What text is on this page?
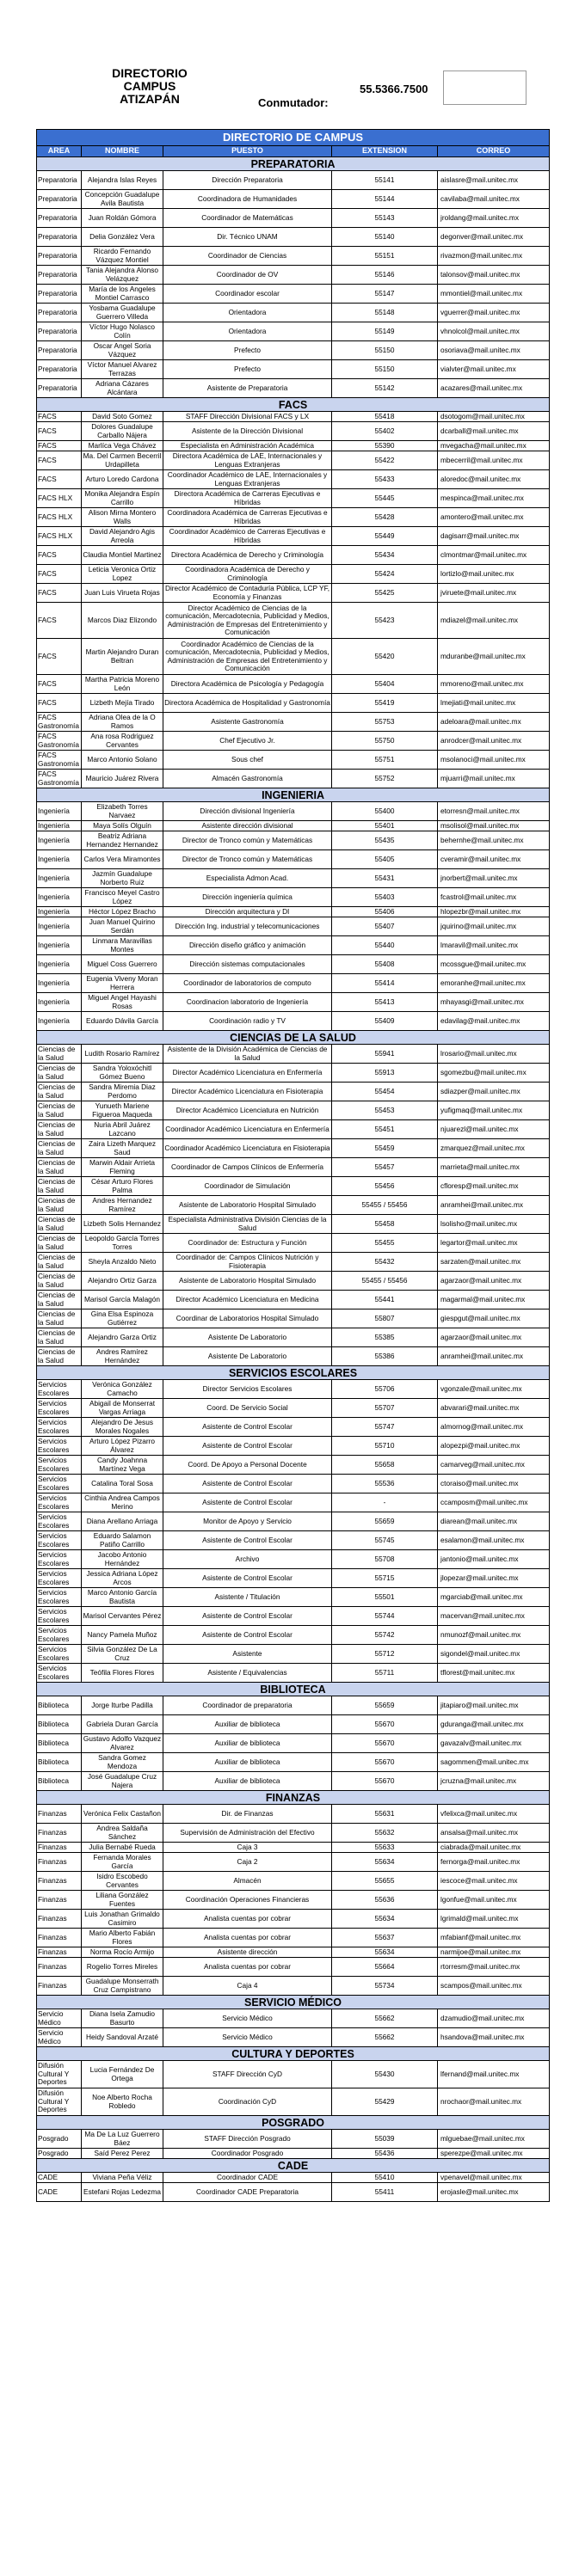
DIRECTORIO
CAMPUS
ATIZAPÁN
55.5366.7500
Conmutador:
DIRECTORIO DE CAMPUS				
AREA	NOMBRE	PUESTO	EXTENSION	CORREO
PREPARATORIA				
Preparatoria	Alejandra Islas Reyes	Dirección Preparatoria	55141	aislasre@mail.unitec.mx
Preparatoria	Concepción Guadalupe Avila Bautista	Coordinadora de Humanidades	55144	cavilaba@mail.unitec.mx
Preparatoria	Juan Roldán Gómora	Coordinador de Matemáticas	55143	jroldang@mail.unitec.mx
Preparatoria	Delia González Vera	Dir. Técnico UNAM	55140	degonver@mail.unitec.mx
Preparatoria	Ricardo Fernando Vázquez Montiel	Coordinador de Ciencias	55151	rivazmon@mail.unitec.mx
Preparatoria	Tania Alejandra Alonso Velázquez	Coordinador de OV	55146	talonsov@mail.unitec.mx
Preparatoria	María de los Angeles Montiel Carrasco	Coordinador escolar	55147	mmontiel@mail.unitec.mx
Preparatoria	Yosbama Guadalupe Guerrero Villeda	Orientadora	55148	vguerrer@mail.unitec.mx
Preparatoria	Víctor Hugo Nolasco Colín	Orientadora	55149	vhnolcol@mail.unitec.mx
Preparatoria	Oscar Angel Soria Vázquez	Prefecto	55150	osoriava@mail.unitec.mx
Preparatoria	Víctor Manuel Alvarez Terrazas	Prefecto	55150	vialvter@mail.unitec.mx
Preparatoria	Adriana Cázares Alcántara	Asistente de Preparatoria	55142	acazares@mail.unitec.mx
FACS				
FACS	David Soto Gomez	STAFF Dirección Divisional FACS y LX	55418	dsotogom@mail.unitec.mx
FACS	Dolores Guadalupe Carballo Nájera	Asistente de la Dirección Divisional	55402	dcarball@mail.unitec.mx
FACS	Marlíca Vega Chávez	Especialista en Administración Académica	55390	mvegacha@mail.unitec.mx
FACS	Ma. Del Carmen Becerril Urdapilleta	Directora Académica de LAE, Internacionales y Lenguas Extranjeras	55422	mbecerril@mail.unitec.mx
FACS	Arturo Loredo Cardona	Coordinador Académico de LAE, Internacionales y Lenguas Extranjeras	55433	aloredoc@mail.unitec.mx
FACS HLX	Monika Alejandra Espín Carrillo	Directora Académica de Carreras Ejecutivas e Híbridas	55445	mespinca@mail.unitec.mx
FACS HLX	Alison Mirna Montero Walls	Coordinadora Académica de Carreras Ejecutivas e Híbridas	55428	amontero@mail.unitec.mx
FACS HLX	David Alejandro Agis Arreola	Coordinador Académico de Carreras Ejecutivas e Híbridas	55449	dagisarr@mail.unitec.mx
FACS	Claudia Montiel Martinez	Directora Académica de Derecho y Criminología	55434	clmontmar@mail.unitec.mx
FACS	Leticia Veronica Ortiz Lopez	Coordinadora Académica de Derecho y Criminología	55424	lortizlo@mail.unitec.mx
FACS	Juan Luis Virueta Rojas	Director Académico de Contaduría Pública, LCP YF, Economía y Finanzas	55425	jviruete@mail.unitec.mx
FACS	Marcos Diaz Elizondo	Director Académico de Ciencias de la comunicación, Mercadotecnia, Publicidad y Medios, Administración de Empresas del Entretenimiento y Comunicación	55423	mdiazel@mail.unitec.mx
FACS	Martin Alejandro Duran Beltran	Coordinador Académico de Ciencias de la comunicación, Mercadotecnia, Publicidad y Medios, Administración de Empresas del Entretenimiento y Comunicación	55420	mduranbe@mail.unitec.mx
FACS	Martha Patricia Moreno León	Directora Académica de Psicología y Pedagogía	55404	mmoreno@mail.unitec.mx
FACS	Lizbeth Mejía Tirado	Directora Académica de Hospitalidad y Gastronomía	55419	lmejiati@mail.unitec.mx
FACS Gastronomía	Adriana Olea de la O Ramos	Asistente Gastronomía	55753	adeloara@mail.unitec.mx
FACS Gastronomía	Ana rosa Rodriguez Cervantes	Chef Ejecutivo Jr.	55750	anrodcer@mail.unitec.mx
FACS Gastronomía	Marco Antonio Solano	Sous chef	55751	msolanoci@mail.unitec.mx
FACS Gastronomía	Mauricio Juárez Rivera	Almacén Gastronomía	55752	mjuarri@mail.unitec.mx
INGENIERIA				
Ingeniería	Elizabeth Torres Narvaez	Dirección divisional Ingeniería	55400	etorresn@mail.unitec.mx
Ingeniería	Maya Solís Olguín	Asistente dirección divisional	55401	msolisol@mail.unitec.mx
Ingeniería	Beatriz Adriana Hernandez Hernandez	Director de Tronco común y Matemáticas	55435	behernhe@mail.unitec.mx
Ingeniería	Carlos Vera Miramontes	Director de Tronco común y Matemáticas	55405	cveramir@mail.unitec.mx
Ingeniería	Jazmín Guadalupe Norberto Ruiz	Especialista Admon Acad.	55431	jnorbert@mail.unitec.mx
Ingeniería	Francisco Meyel Castro López	Dirección ingeniería química	55403	fcastrol@mail.unitec.mx
Ingeniería	Héctor López Bracho	Dirección arquitectura y DI	55406	hlopezbr@mail.unitec.mx
Ingeniería	Juan Manuel Quirino Serdán	Dirección Ing. industrial y telecomunicaciones	55407	jquirino@mail.unitec.mx
Ingeniería	Linmara Maravillas Montes	Dirección diseño gráfico y animación	55440	lmaravil@mail.unitec.mx
Ingeniería	Miguel Coss Guerrero	Dirección sistemas computacionales	55408	mcossgue@mail.unitec.mx
Ingeniería	Eugenia Viveny Moran Herrera	Coordinador de laboratorios de computo	55414	emoranhe@mail.unitec.mx
Ingeniería	Miguel Angel Hayashi Rosas	Coordinacion laboratorio de Ingeniería	55413	mhayasgi@mail.unitec.mx
Ingeniería	Eduardo Dávila García	Coordinación radio y TV	55409	edavilag@mail.unitec.mx
CIENCIAS DE LA SALUD				
Ciencias de la Salud	Ludith Rosario Ramírez	Asistente de la División Académica de Ciencias de la Salud	55941	lrosario@mail.unitec.mx
Ciencias de la Salud	Sandra Yoloxóchitl Gómez Bueno	Director Académico Licenciatura en Enfermería	55913	sgomezbu@mail.unitec.mx
Ciencias de la Salud	Sandra Miremia Diaz Perdomo	Director Académico Licenciatura en Fisioterapia	55454	sdiazper@mail.unitec.mx
Ciencias de la Salud	Yunueth Mariene Figueroa Maqueda	Director Académico Licenciatura en Nutrición	55453	yufigmaq@mail.unitec.mx
Ciencias de la Salud	Nuria Abril Juárez Lazcano	Coordinador Académico Licenciatura en Enfermería	55451	njuarezl@mail.unitec.mx
Ciencias de la Salud	Zaira Lizeth Marquez Saud	Coordinador Académico Licenciatura en Fisioterapia	55459	zmarquez@mail.unitec.mx
Ciencias de la Salud	Marwin Aldair Arrieta Fleming	Coordinador de Campos Clínicos de Enfermería	55457	marrieta@mail.unitec.mx
Ciencias de la Salud	César Arturo Flores Palma	Coordinador de Simulación	55456	cfloresp@mail.unitec.mx
Ciencias de la Salud	Andres Hernandez Ramírez	Asistente de Laboratorio Hospital Simulado	55455 / 55456	anramhei@mail.unitec.mx
Ciencias de la Salud	Lizbeth Solis Hernandez	Especialista Administrativa División Ciencias de la Salud	55458	lsolisho@mail.unitec.mx
Ciencias de la Salud	Leopoldo García Torres Torres	Coordinador de: Estructura y Función	55455	legartor@mail.unitec.mx
Ciencias de la Salud	Sheyla Anzaldo Nieto	Coordinador de: Campos Clínicos Nutrición y Fisioterapia	55432	sarzaten@mail.unitec.mx
Ciencias de la Salud	Alejandro Ortiz Garza	Asistente de Laboratorio Hospital Simulado	55455 / 55456	agarzaor@mail.unitec.mx
Ciencias de la Salud	Marisol García Malagón	Director Académico Licenciatura en Medicina	55441	magarmal@mail.unitec.mx
Ciencias de la Salud	Gina Elsa Espinoza Gutiérrez	Coordinar de Laboratorios Hospital Simulado	55807	giespgut@mail.unitec.mx
Ciencias de la Salud	Alejandro Garza Ortiz	Asistente De Laboratorio	55385	agarzaor@mail.unitec.mx
Ciencias de la Salud	Andres Ramírez Hernández	Asistente De Laboratorio	55386	anramhei@mail.unitec.mx
SERVICIOS ESCOLARES				
Servicios Escolares	Verónica González Camacho	Director Servicios Escolares	55706	vgonzale@mail.unitec.mx
Servicios Escolares	Abigail de Monserrat Vargas Arriaga	Coord. De Servicio Social	55707	abvarari@mail.unitec.mx
Servicios Escolares	Alejandro De Jesus Morales Nogales	Asistente de Control Escolar	55747	almornog@mail.unitec.mx
Servicios Escolares	Arturo López Pizarro Álvarez	Asistente de Control Escolar	55710	alopezpi@mail.unitec.mx
Servicios Escolares	Candy Joahnna Martínez Vega	Coord. De Apoyo a Personal Docente	55658	camarveg@mail.unitec.mx
Servicios Escolares	Catalina Toral Sosa	Asistente de Control Escolar	55536	ctoraiso@mail.unitec.mx
Servicios Escolares	Cinthia Andrea Campos Merino	Asistente de Control Escolar	-	ccamposm@mail.unitec.mx
Servicios Escolares	Diana Arellano Arriaga	Monitor de Apoyo y Servicio	55659	diarean@mail.unitec.mx
Servicios Escolares	Eduardo Salamon Patiño Carrillo	Asistente de Control Escolar	55745	esalamon@mail.unitec.mx
Servicios Escolares	Jacobo Antonio Hernández	Archivo	55708	jantonio@mail.unitec.mx
Servicios Escolares	Jessica Adriana López Arcos	Asistente de Control Escolar	55715	jlopezar@mail.unitec.mx
Servicios Escolares	Marco Antonio García Bautista	Asistente / Titulación	55501	mgarciab@mail.unitec.mx
Servicios Escolares	Marisol Cervantes Pérez	Asistente de Control Escolar	55744	macervan@mail.unitec.mx
Servicios Escolares	Nancy Pamela Muñoz	Asistente de Control Escolar	55742	nmunozf@mail.unitec.mx
Servicios Escolares	Silvia González De La Cruz	Asistente	55712	sigondel@mail.unitec.mx
Servicios Escolares	Teófila Flores Flores	Asistente / Equivalencias	55711	tflorest@mail.unitec.mx
BIBLIOTECA				
Biblioteca	Jorge Iturbe Padilla	Coordinador de preparatoria	55659	jitapiaro@mail.unitec.mx
Biblioteca	Gabriela Duran García	Auxiliar de biblioteca	55670	gduranga@mail.unitec.mx
Biblioteca	Gustavo Adolfo Vazquez Alvarez	Auxiliar de biblioteca	55670	gavazalv@mail.unitec.mx
Biblioteca	Sandra Gomez Mendoza	Auxiliar de biblioteca	55670	sagommen@mail.unitec.mx
Biblioteca	José Guadalupe Cruz Najera	Auxiliar de biblioteca	55670	jcruzna@mail.unitec.mx
FINANZAS				
Finanzas	Verónica Felix Castañon	Dir. de Finanzas	55631	vfelixca@mail.unitec.mx
Finanzas	Andrea Saldaña Sánchez	Supervisión de Administración del Efectivo	55632	ansalsa@mail.unitec.mx
Finanzas	Julia Bernabé Rueda	Caja 3	55633	ciabrada@mail.unitec.mx
Finanzas	Fernanda Morales García	Caja 2	55634	fernorga@mail.unitec.mx
Finanzas	Isidro Escobedo Cervantes	Almacén	55655	iescoce@mail.unitec.mx
Finanzas	Liliana González Fuentes	Coordinación Operaciones Financieras	55636	lgonfue@mail.unitec.mx
Finanzas	Luis Jonathan Grimaldo Casimiro	Analista cuentas por cobrar	55634	lgrimald@mail.unitec.mx
Finanzas	Mario Alberto Fabián Flores	Analista cuentas por cobrar	55637	mfabianf@mail.unitec.mx
Finanzas	Norma Rocío Armijo	Asistente dirección	55634	narmijoe@mail.unitec.mx
Finanzas	Rogelio Torres Mireles	Analista cuentas por cobrar	55664	rtorresm@mail.unitec.mx
Finanzas	Guadalupe Monserrath Cruz Campistrano	Caja 4	55734	scampos@mail.unitec.mx
SERVICIO MÉDICO				
Servicio Médico	Diana Isela Zamudio Basurto	Servicio Médico	55662	dzamudio@mail.unitec.mx
Servicio Médico	Heidy Sandoval Arzaté	Servicio Médico	55662	hsandova@mail.unitec.mx
CULTURA Y DEPORTES				
Difusión Cultural Y Deportes	Lucia Fernández De Ortega	STAFF Dirección CyD	55430	lfernand@mail.unitec.mx
Difusión Cultural Y Deportes	Noe Alberto Rocha Robledo	Coordinación CyD	55429	nrochaor@mail.unitec.mx
POSGRADO				
Posgrado	Ma De La Luz Guerrero Báez	STAFF Dirección Posgrado	55039	mlguebae@mail.unitec.mx
Posgrado	Saíd Perez Perez	Coordinador Posgrado	55436	sperezpe@mail.unitec.mx
CADE				
CADE	Viviana Peña Véliz	Coordinador CADE	55410	vpenavel@mail.unitec.mx
CADE	Estefani Rojas Ledezma	Coordinador CADE Preparatoria	55411	erojasle@mail.unitec.mx
